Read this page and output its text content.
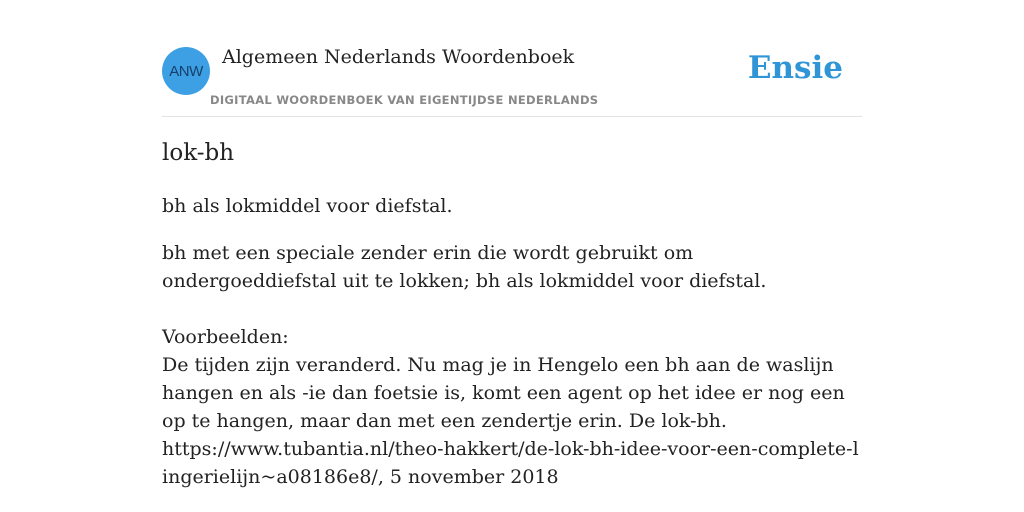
ANW
Algemeen Nederlands Woordenboek
DIGITAAL WOORDENBOEK VAN EIGENTIJDSE NEDERLANDS
Ensie
lok-bh
bh als lokmiddel voor diefstal.
bh met een speciale zender erin die wordt gebruikt om ondergoeddiefstal uit te lokken; bh als lokmiddel voor diefstal.
Voorbeelden:
De tijden zijn veranderd. Nu mag je in Hengelo een bh aan de waslijn hangen en als -ie dan foetsie is, komt een agent op het idee er nog een op te hangen, maar dan met een zendertje erin. De lok-bh.
https://www.tubantia.nl/theo-hakkert/de-lok-bh-idee-voor-een-complete-lingerielijn~a08186e8/, 5 november 2018
